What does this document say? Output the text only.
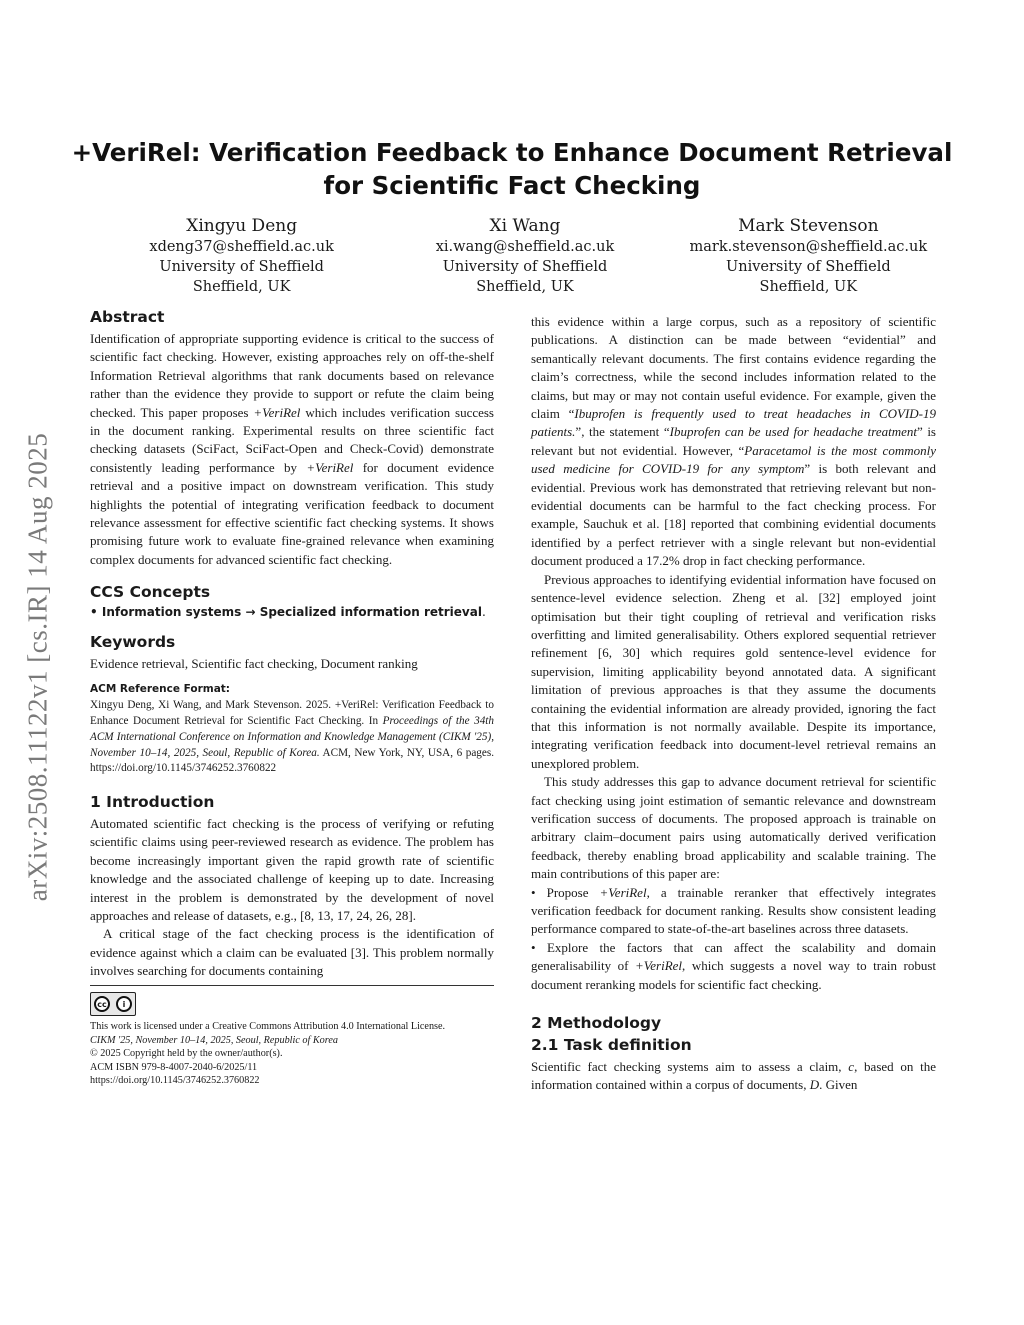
+VeriRel: Verification Feedback to Enhance Document Retrieval
for Scientific Fact Checking
Xingyu Deng
xdeng37@sheffield.ac.uk
University of Sheffield
Sheffield, UK
Xi Wang
xi.wang@sheffield.ac.uk
University of Sheffield
Sheffield, UK
Mark Stevenson
mark.stevenson@sheffield.ac.uk
University of Sheffield
Sheffield, UK
arXiv:2508.11122v1 [cs.IR] 14 Aug 2025
Abstract

Identification of appropriate supporting evidence is critical to the success of scientific fact checking. However, existing approaches rely on off-the-shelf Information Retrieval algorithms that rank documents based on relevance rather than the evidence they provide to support or refute the claim being checked. This paper proposes +VeriRel which includes verification success in the document ranking. Experimental results on three scientific fact checking datasets (SciFact, SciFact-Open and Check-Covid) demonstrate consistently leading performance by +VeriRel for document evidence retrieval and a positive impact on downstream verification. This study highlights the potential of integrating verification feedback to document relevance assessment for effective scientific fact checking systems. It shows promising future work to evaluate fine-grained relevance when examining complex documents for advanced scientific fact checking.

CCS Concepts

• Information systems → Specialized information retrieval.

Keywords

Evidence retrieval, Scientific fact checking, Document ranking

ACM Reference Format:

Xingyu Deng, Xi Wang, and Mark Stevenson. 2025. +VeriRel: Verification Feedback to Enhance Document Retrieval for Scientific Fact Checking. In Proceedings of the 34th ACM International Conference on Information and Knowledge Management (CIKM '25), November 10–14, 2025, Seoul, Republic of Korea. ACM, New York, NY, USA, 6 pages. https://doi.org/10.1145/3746252.3760822

1 Introduction

Automated scientific fact checking is the process of verifying or refuting scientific claims using peer-reviewed research as evidence. The problem has become increasingly important given the rapid growth rate of scientific knowledge and the associated challenge of keeping up to date. Increasing interest in the problem is demonstrated by the development of novel approaches and release of datasets, e.g., [8, 13, 17, 24, 26, 28].

A critical stage of the fact checking process is the identification of evidence against which a claim can be evaluated [3]. This problem normally involves searching for documents containing

cc	i
This work is licensed under a Creative Commons Attribution 4.0 International License.
CIKM '25, November 10–14, 2025, Seoul, Republic of Korea
© 2025 Copyright held by the owner/author(s).
ACM ISBN 979-8-4007-2040-6/2025/11
https://doi.org/10.1145/3746252.3760822

this evidence within a large corpus, such as a repository of scientific publications. A distinction can be made between “evidential” and semantically relevant documents. The first contains evidence regarding the claim’s correctness, while the second includes information related to the claims, but may or may not contain useful evidence. For example, given the claim “Ibuprofen is frequently used to treat headaches in COVID-19 patients.”, the statement “Ibuprofen can be used for headache treatment” is relevant but not evidential. However, “Paracetamol is the most commonly used medicine for COVID-19 for any symptom” is both relevant and evidential. Previous work has demonstrated that retrieving relevant but non-evidential documents can be harmful to the fact checking process. For example, Sauchuk et al. [18] reported that combining evidential documents identified by a perfect retriever with a single relevant but non-evidential document produced a 17.2% drop in fact checking performance.

Previous approaches to identifying evidential information have focused on sentence-level evidence selection. Zheng et al. [32] employed joint optimisation but their tight coupling of retrieval and verification risks overfitting and limited generalisability. Others explored sequential retriever refinement [6, 30] which requires gold sentence-level evidence for supervision, limiting applicability beyond annotated data. A significant limitation of previous approaches is that they assume the documents containing the evidential information are already provided, ignoring the fact that this information is not normally available. Despite its importance, integrating verification feedback into document-level retrieval remains an unexplored problem.

This study addresses this gap to advance document retrieval for scientific fact checking using joint estimation of semantic relevance and downstream verification success of documents. The proposed approach is trainable on arbitrary claim–document pairs using automatically derived verification feedback, thereby enabling broad applicability and scalable training. The main contributions of this paper are:

• Propose +VeriRel, a trainable reranker that effectively integrates verification feedback for document ranking. Results show consistent leading performance compared to state-of-the-art baselines across three datasets.

• Explore the factors that can affect the scalability and domain generalisability of +VeriRel, which suggests a novel way to train robust document reranking models for scientific fact checking.

2 Methodology
2.1 Task definition

Scientific fact checking systems aim to assess a claim, c, based on the information contained within a corpus of documents, D. Given
